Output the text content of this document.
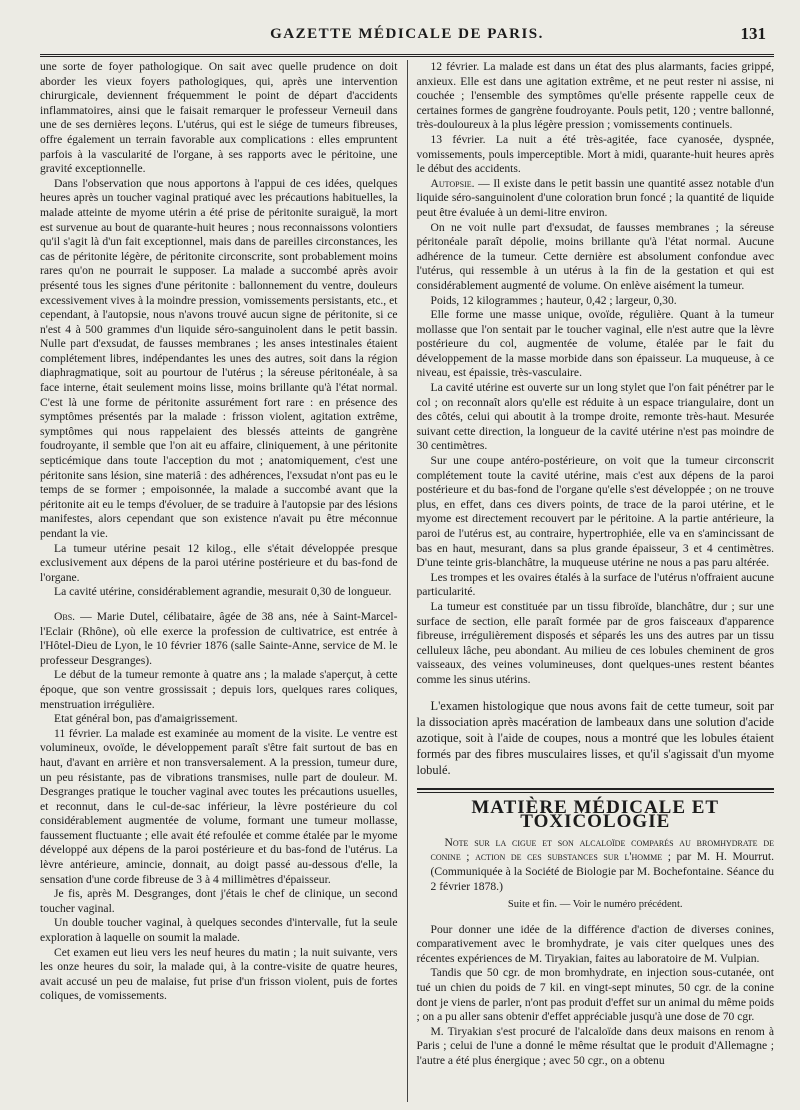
GAZETTE MÉDICALE DE PARIS.	131

une sorte de foyer pathologique. On sait avec quelle prudence on doit aborder les vieux foyers pathologiques, qui, après une intervention chirurgicale, deviennent fréquemment le point de départ d'accidents inflammatoires, ainsi que le faisait remarquer le professeur Verneuil dans une de ses dernières leçons. L'utérus, qui est le siége de tumeurs fibreuses, offre également un terrain favorable aux complications : elles empruntent parfois à la vascularité de l'organe, à ses rapports avec le péritoine, une gravité exceptionnelle.

Dans l'observation que nous apportons à l'appui de ces idées, quelques heures après un toucher vaginal pratiqué avec les précautions habituelles, la malade atteinte de myome utérin a été prise de péritonite suraiguë, la mort est survenue au bout de quarante-huit heures ; nous reconnaissons volontiers qu'il s'agit là d'un fait exceptionnel, mais dans de pareilles circonstances, les cas de péritonite légère, de péritonite circonscrite, sont probablement moins rares qu'on ne pourrait le supposer. La malade a succombé après avoir présenté tous les signes d'une péritonite : ballonnement du ventre, douleurs excessivement vives à la moindre pression, vomissements persistants, etc., et cependant, à l'autopsie, nous n'avons trouvé aucun signe de péritonite, si ce n'est 4 à 500 grammes d'un liquide séro-sanguinolent dans le petit bassin. Nulle part d'exsudat, de fausses membranes ; les anses intestinales étaient complétement libres, indépendantes les unes des autres, soit dans la région diaphragmatique, soit au pourtour de l'utérus ; la séreuse péritonéale, à sa face interne, était seulement moins lisse, moins brillante qu'à l'état normal. C'est là une forme de péritonite assurément fort rare : en présence des symptômes présentés par la malade : frisson violent, agitation extrême, symptômes qui nous rappelaient des blessés atteints de gangrène foudroyante, il semble que l'on ait eu affaire, cliniquement, à une péritonite septicémique dans toute l'acception du mot ; anatomiquement, c'est une péritonite sans lésion, sine materiâ : des adhérences, l'exsudat n'ont pas eu le temps de se former ; empoisonnée, la malade a succombé avant que la péritonite ait eu le temps d'évoluer, de se traduire à l'autopsie par des lésions manifestes, alors cependant que son existence n'avait pu être méconnue pendant la vie.

La tumeur utérine pesait 12 kilog., elle s'était développée presque exclusivement aux dépens de la paroi utérine postérieure et du bas-fond de l'organe.

La cavité utérine, considérablement agrandie, mesurait 0,30 de longueur.

Obs. — Marie Dutel, célibataire, âgée de 38 ans, née à Saint-Marcel-l'Eclair (Rhône), où elle exerce la profession de cultivatrice, est entrée à l'Hôtel-Dieu de Lyon, le 10 février 1876 (salle Sainte-Anne, service de M. le professeur Desgranges).

Le début de la tumeur remonte à quatre ans ; la malade s'aperçut, à cette époque, que son ventre grossissait ; depuis lors, quelques rares coliques, menstruation irrégulière.

Etat général bon, pas d'amaigrissement.

11 février. La malade est examinée au moment de la visite. Le ventre est volumineux, ovoïde, le développement paraît s'être fait surtout de bas en haut, d'avant en arrière et non transversalement. A la pression, tumeur dure, un peu résistante, pas de vibrations transmises, nulle part de douleur. M. Desgranges pratique le toucher vaginal avec toutes les précautions usuelles, et reconnut, dans le cul-de-sac inférieur, la lèvre postérieure du col considérablement augmentée de volume, formant une tumeur mollasse, faussement fluctuante ; elle avait été refoulée et comme étalée par le myome développé aux dépens de la paroi postérieure et du bas-fond de l'utérus. La lèvre antérieure, amincie, donnait, au doigt passé au-dessous d'elle, la sensation d'une corde fibreuse de 3 à 4 millimètres d'épaisseur.

Je fis, après M. Desgranges, dont j'étais le chef de clinique, un second toucher vaginal.

Un double toucher vaginal, à quelques secondes d'intervalle, fut la seule exploration à laquelle on soumit la malade.

Cet examen eut lieu vers les neuf heures du matin ; la nuit suivante, vers les onze heures du soir, la malade qui, à la contre-visite de quatre heures, avait accusé un peu de malaise, fut prise d'un frisson violent, puis de fortes coliques, de vomissements.

12 février. La malade est dans un état des plus alarmants, facies grippé, anxieux. Elle est dans une agitation extrême, et ne peut rester ni assise, ni couchée ; l'ensemble des symptômes qu'elle présente rappelle ceux de certaines formes de gangrène foudroyante. Pouls petit, 120 ; ventre ballonné, très-douloureux à la plus légère pression ; vomissements continuels.

13 février. La nuit a été très-agitée, face cyanosée, dyspnée, vomissements, pouls imperceptible. Mort à midi, quarante-huit heures après le début des accidents.

Autopsie. — Il existe dans le petit bassin une quantité assez notable d'un liquide séro-sanguinolent d'une coloration brun foncé ; la quantité de liquide peut être évaluée à un demi-litre environ.

On ne voit nulle part d'exsudat, de fausses membranes ; la séreuse péritonéale paraît dépolie, moins brillante qu'à l'état normal. Aucune adhérence de la tumeur. Cette dernière est absolument confondue avec l'utérus, qui ressemble à un utérus à la fin de la gestation et qui est considérablement augmenté de volume. On enlève aisément la tumeur.

Poids, 12 kilogrammes ; hauteur, 0,42 ; largeur, 0,30.

Elle forme une masse unique, ovoïde, régulière. Quant à la tumeur mollasse que l'on sentait par le toucher vaginal, elle n'est autre que la lèvre postérieure du col, augmentée de volume, étalée par le fait du développement de la masse morbide dans son épaisseur. La muqueuse, à ce niveau, est épaissie, très-vasculaire.

La cavité utérine est ouverte sur un long stylet que l'on fait pénétrer par le col ; on reconnaît alors qu'elle est réduite à un espace triangulaire, dont un des côtés, celui qui aboutit à la trompe droite, remonte très-haut. Mesurée suivant cette direction, la longueur de la cavité utérine n'est pas moindre de 30 centimètres.

Sur une coupe antéro-postérieure, on voit que la tumeur circonscrit complétement toute la cavité utérine, mais c'est aux dépens de la paroi postérieure et du bas-fond de l'organe qu'elle s'est développée ; on ne trouve plus, en effet, dans ces divers points, de trace de la paroi utérine, et le myome est directement recouvert par le péritoine. A la partie antérieure, la paroi de l'utérus est, au contraire, hypertrophiée, elle va en s'amincissant de bas en haut, mesurant, dans sa plus grande épaisseur, 3 et 4 centimètres. D'une teinte gris-blanchâtre, la muqueuse utérine ne nous a pas paru altérée.

Les trompes et les ovaires étalés à la surface de l'utérus n'offraient aucune particularité.

La tumeur est constituée par un tissu fibroïde, blanchâtre, dur ; sur une surface de section, elle paraît formée par de gros faisceaux d'apparence fibreuse, irrégulièrement disposés et séparés les uns des autres par un tissu celluleux lâche, peu abondant. Au milieu de ces lobules cheminent de gros vaisseaux, des veines volumineuses, dont quelques-unes restent béantes comme les sinus utérins.

L'examen histologique que nous avons fait de cette tumeur, soit par la dissociation après macération de lambeaux dans une solution d'acide azotique, soit à l'aide de coupes, nous a montré que les lobules étaient formés par des fibres musculaires lisses, et qu'il s'agissait d'un myome lobulé.

MATIÈRE MÉDICALE ET TOXICOLOGIE

Note sur la cigue et son alcaloïde comparés au bromhydrate de conine ; action de ces substances sur l'homme ; par M. H. Mourrut. (Communiquée à la Société de Biologie par M. Bochefontaine. Séance du 2 février 1878.)

Suite et fin. — Voir le numéro précédent.

Pour donner une idée de la différence d'action de diverses conines, comparativement avec le bromhydrate, je vais citer quelques unes des récentes expériences de M. Tiryakian, faites au laboratoire de M. Vulpian.

Tandis que 50 cgr. de mon bromhydrate, en injection sous-cutanée, ont tué un chien du poids de 7 kil. en vingt-sept minutes, 50 cgr. de la conine dont je viens de parler, n'ont pas produit d'effet sur un animal du même poids ; on a pu aller sans obtenir d'effet appréciable jusqu'à une dose de 70 cgr.

M. Tiryakian s'est procuré de l'alcaloïde dans deux maisons en renom à Paris ; celui de l'une a donné le même résultat que le produit d'Allemagne ; l'autre a été plus énergique ; avec 50 cgr., on a obtenu
